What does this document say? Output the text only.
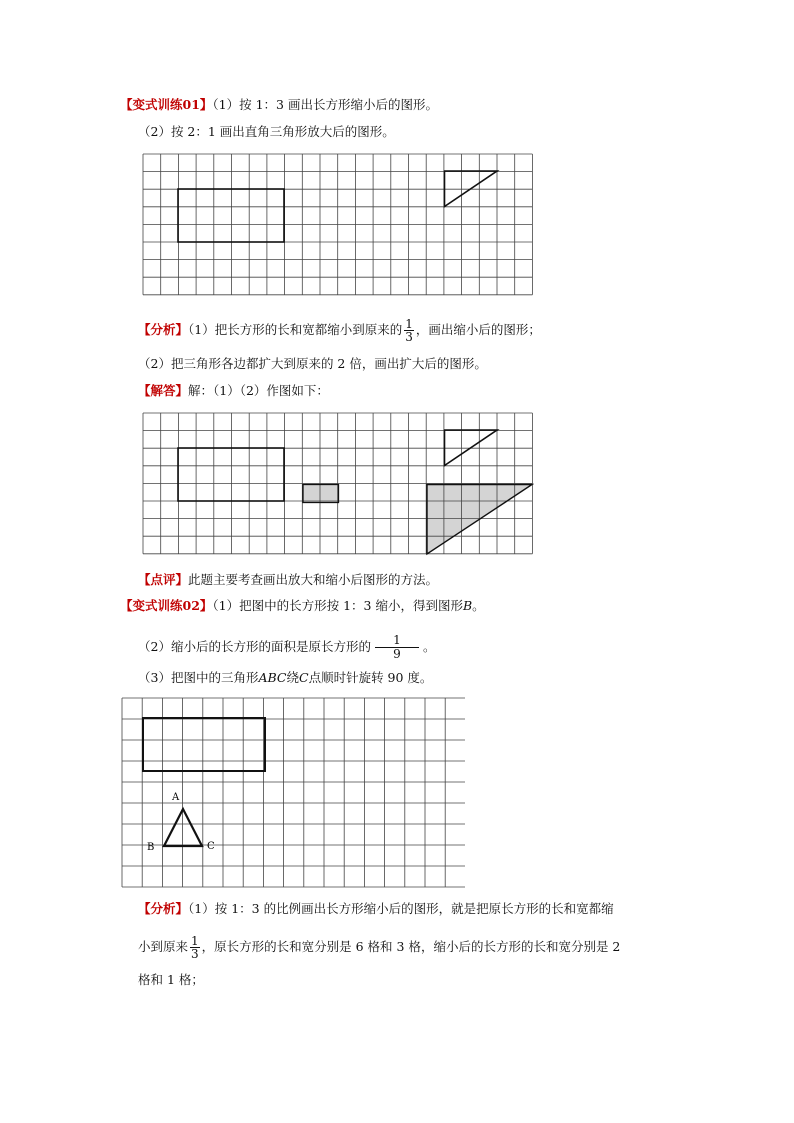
【变式训练01】（1）按 1：3 画出长方形缩小后的图形。
（2）按 2：1 画出直角三角形放大后的图形。
【分析】（1）把长方形的长和宽都缩小到原来的 $\frac{1}{3}$ ，画出缩小后的图形；
（2）把三角形各边都扩大到原来的 2 倍，画出扩大后的图形。
【解答】解：（1）（2）作图如下：
【点评】此题主要考查画出放大和缩小后图形的方法。
【变式训练02】（1）把图中的长方形按 1：3 缩小，得到图形B。
（2）缩小后的长方形的面积是原长方形的 $\frac{1}{9}$ 。
（3）把图中的三角形ABC绕C点顺时针旋转 90 度。
A
B	C
【分析】（1）按 1：3 的比例画出长方形缩小后的图形，就是把原长方形的长和宽都缩
小到原来 $\frac{1}{3}$ ，原长方形的长和宽分别是 6 格和 3 格，缩小后的长方形的长和宽分别是 2
格和 1 格；
